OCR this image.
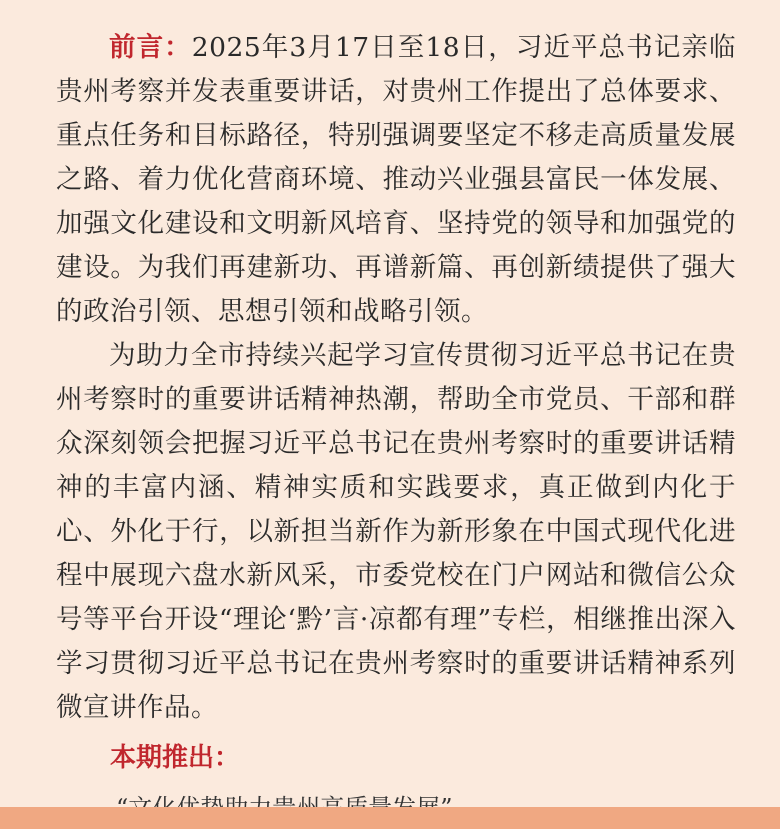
前言：2025年3月17日至18日，习近平总书记亲临贵州考察并发表重要讲话，对贵州工作提出了总体要求、重点任务和目标路径，特别强调要坚定不移走高质量发展之路、着力优化营商环境、推动兴业强县富民一体发展、加强文化建设和文明新风培育、坚持党的领导和加强党的建设。为我们再建新功、再谱新篇、再创新绩提供了强大的政治引领、思想引领和战略引领。

为助力全市持续兴起学习宣传贯彻习近平总书记在贵州考察时的重要讲话精神热潮，帮助全市党员、干部和群众深刻领会把握习近平总书记在贵州考察时的重要讲话精神的丰富内涵、精神实质和实践要求，真正做到内化于心、外化于行，以新担当新作为新形象在中国式现代化进程中展现六盘水新风采，市委党校在门户网站和微信公众号等平台开设“理论‘黔’言·凉都有理”专栏，相继推出深入学习贯彻习近平总书记在贵州考察时的重要讲话精神系列微宣讲作品。

本期推出：
